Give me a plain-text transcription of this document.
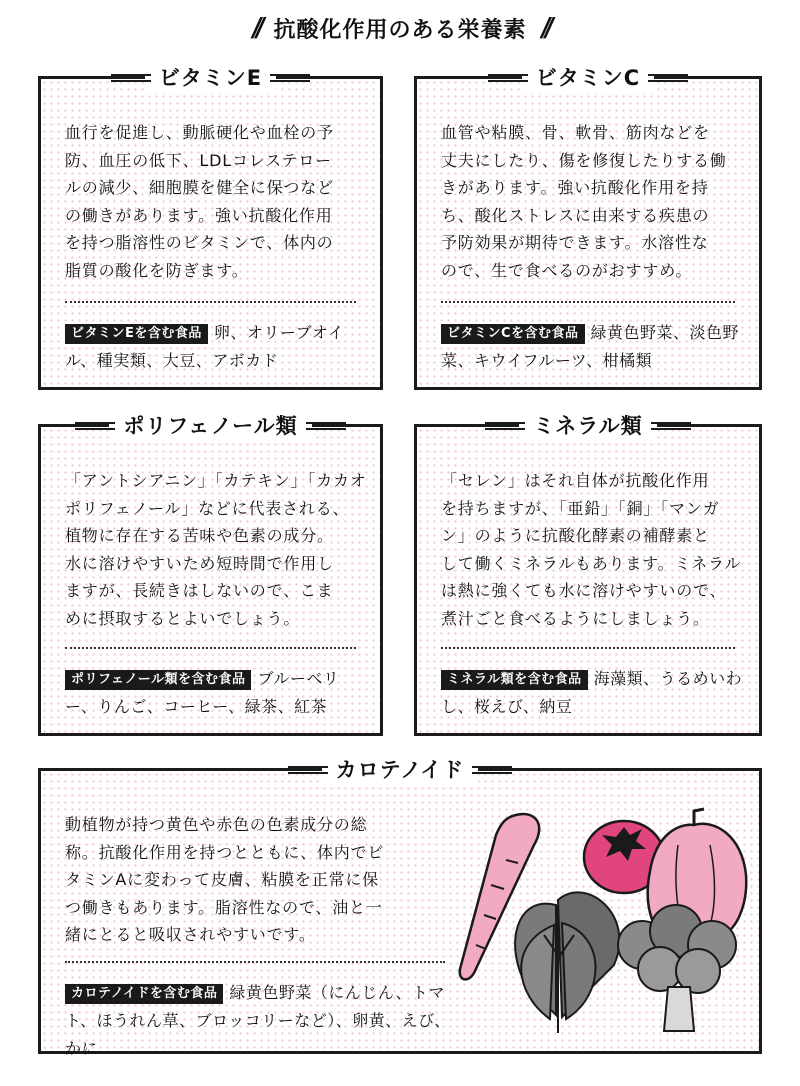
// 抗酸化作用のある栄養素 //
ビタミンE
血行を促進し、動脈硬化や血栓の予
防、血圧の低下、LDLコレステロー
ルの減少、細胞膜を健全に保つなど
の働きがあります。強い抗酸化作用
を持つ脂溶性のビタミンで、体内の
脂質の酸化を防ぎます。
ビタミンEを含む食品 卵、オリーブオイル、種実類、大豆、アボカド
ビタミンC
血管や粘膜、骨、軟骨、筋肉などを
丈夫にしたり、傷を修復したりする働
きがあります。強い抗酸化作用を持
ち、酸化ストレスに由来する疾患の
予防効果が期待できます。水溶性な
ので、生で食べるのがおすすめ。
ビタミンCを含む食品 緑黄色野菜、淡色野菜、キウイフルーツ、柑橘類
ポリフェノール類
「アントシアニン」「カテキン」「カカオ
ポリフェノール」などに代表される、
植物に存在する苦味や色素の成分。
水に溶けやすいため短時間で作用し
ますが、長続きはしないので、こま
めに摂取するとよいでしょう。
ポリフェノール類を含む食品 ブルーベリー、りんご、コーヒー、緑茶、紅茶
ミネラル類
「セレン」はそれ自体が抗酸化作用
を持ちますが、「亜鉛」「銅」「マンガ
ン」のように抗酸化酵素の補酵素と
して働くミネラルもあります。ミネラル
は熱に強くても水に溶けやすいので、
煮汁ごと食べるようにしましょう。
ミネラル類を含む食品 海藻類、うるめいわし、桜えび、納豆
カロテノイド
動植物が持つ黄色や赤色の色素成分の総
称。抗酸化作用を持つとともに、体内でビ
タミンAに変わって皮膚、粘膜を正常に保
つ働きもあります。脂溶性なので、油と一
緒にとると吸収されやすいです。
カロテノイドを含む食品 緑黄色野菜（にんじん、トマト、ほうれん草、ブロッコリーなど）、卵黄、えび、かに
